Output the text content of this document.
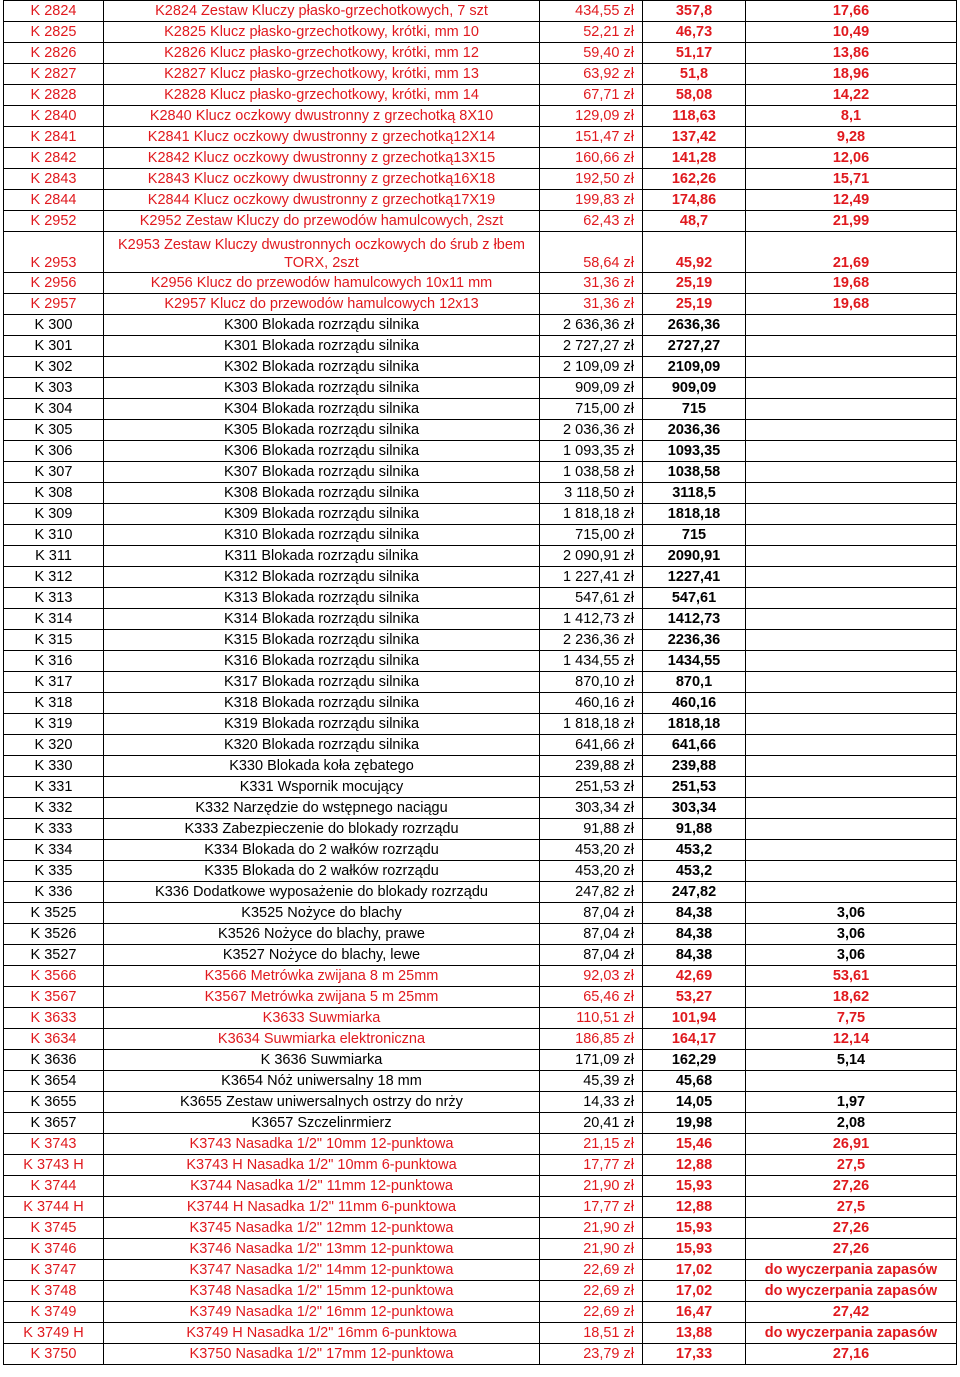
K 2824	K2824 Zestaw Kluczy płasko-grzechotkowych, 7 szt	434,55 zł	357,8	17,66
K 2825	K2825 Klucz płasko-grzechotkowy, krótki, mm 10	52,21 zł	46,73	10,49
K 2826	K2826 Klucz płasko-grzechotkowy, krótki, mm 12	59,40 zł	51,17	13,86
K 2827	K2827 Klucz płasko-grzechotkowy, krótki, mm 13	63,92 zł	51,8	18,96
K 2828	K2828 Klucz płasko-grzechotkowy, krótki, mm 14	67,71 zł	58,08	14,22
K 2840	K2840 Klucz oczkowy dwustronny z grzechotką 8X10	129,09 zł	118,63	8,1
K 2841	K2841 Klucz oczkowy dwustronny z grzechotką12X14	151,47 zł	137,42	9,28
K 2842	K2842 Klucz oczkowy dwustronny z grzechotką13X15	160,66 zł	141,28	12,06
K 2843	K2843 Klucz oczkowy dwustronny z grzechotką16X18	192,50 zł	162,26	15,71
K 2844	K2844 Klucz oczkowy dwustronny z grzechotką17X19	199,83 zł	174,86	12,49
K 2952	K2952 Zestaw Kluczy do przewodów hamulcowych, 2szt	62,43 zł	48,7	21,99
K 2953	K2953 Zestaw Kluczy dwustronnych oczkowych do śrub z łbem TORX, 2szt	58,64 zł	45,92	21,69
K 2956	K2956 Klucz do przewodów hamulcowych 10x11 mm	31,36 zł	25,19	19,68
K 2957	K2957 Klucz do przewodów hamulcowych 12x13	31,36 zł	25,19	19,68
K 300	K300 Blokada rozrządu silnika	2 636,36 zł	2636,36	
K 301	K301 Blokada rozrządu silnika	2 727,27 zł	2727,27	
K 302	K302 Blokada rozrządu silnika	2 109,09 zł	2109,09	
K 303	K303 Blokada rozrządu silnika	909,09 zł	909,09	
K 304	K304 Blokada rozrządu silnika	715,00 zł	715	
K 305	K305 Blokada rozrządu silnika	2 036,36 zł	2036,36	
K 306	K306 Blokada rozrządu silnika	1 093,35 zł	1093,35	
K 307	K307 Blokada rozrządu silnika	1 038,58 zł	1038,58	
K 308	K308 Blokada rozrządu silnika	3 118,50 zł	3118,5	
K 309	K309 Blokada rozrządu silnika	1 818,18 zł	1818,18	
K 310	K310 Blokada rozrządu silnika	715,00 zł	715	
K 311	K311 Blokada rozrządu silnika	2 090,91 zł	2090,91	
K 312	K312 Blokada rozrządu silnika	1 227,41 zł	1227,41	
K 313	K313 Blokada rozrządu silnika	547,61 zł	547,61	
K 314	K314 Blokada rozrządu silnika	1 412,73 zł	1412,73	
K 315	K315 Blokada rozrządu silnika	2 236,36 zł	2236,36	
K 316	K316 Blokada rozrządu silnika	1 434,55 zł	1434,55	
K 317	K317 Blokada rozrządu silnika	870,10 zł	870,1	
K 318	K318 Blokada rozrządu silnika	460,16 zł	460,16	
K 319	K319 Blokada rozrządu silnika	1 818,18 zł	1818,18	
K 320	K320 Blokada rozrządu silnika	641,66 zł	641,66	
K 330	K330 Blokada koła zębatego	239,88 zł	239,88	
K 331	K331 Wspornik mocujący	251,53 zł	251,53	
K 332	K332 Narzędzie do wstępnego naciągu	303,34 zł	303,34	
K 333	K333 Zabezpieczenie do blokady rozrządu	91,88 zł	91,88	
K 334	K334 Blokada do 2 wałków rozrządu	453,20 zł	453,2	
K 335	K335 Blokada do 2 wałków rozrządu	453,20 zł	453,2	
K 336	K336 Dodatkowe wyposażenie do blokady rozrządu	247,82 zł	247,82	
K 3525	K3525 Nożyce do blachy	87,04 zł	84,38	3,06
K 3526	K3526 Nożyce do blachy, prawe	87,04 zł	84,38	3,06
K 3527	K3527 Nożyce do blachy, lewe	87,04 zł	84,38	3,06
K 3566	K3566 Metrówka zwijana 8 m 25mm	92,03 zł	42,69	53,61
K 3567	K3567 Metrówka zwijana 5 m 25mm	65,46 zł	53,27	18,62
K 3633	K3633 Suwmiarka	110,51 zł	101,94	7,75
K 3634	K3634 Suwmiarka elektroniczna	186,85 zł	164,17	12,14
K 3636	K 3636 Suwmiarka	171,09 zł	162,29	5,14
K 3654	K3654 Nóż uniwersalny 18 mm	45,39 zł	45,68	
K 3655	K3655 Zestaw uniwersalnych ostrzy do nrży	14,33 zł	14,05	1,97
K 3657	K3657 Szczelinrmierz	20,41 zł	19,98	2,08
K 3743	K3743 Nasadka 1/2" 10mm 12-punktowa	21,15 zł	15,46	26,91
K 3743 H	K3743 H Nasadka 1/2" 10mm 6-punktowa	17,77 zł	12,88	27,5
K 3744	K3744 Nasadka 1/2" 11mm 12-punktowa	21,90 zł	15,93	27,26
K 3744 H	K3744 H Nasadka 1/2" 11mm 6-punktowa	17,77 zł	12,88	27,5
K 3745	K3745 Nasadka 1/2" 12mm 12-punktowa	21,90 zł	15,93	27,26
K 3746	K3746 Nasadka 1/2" 13mm 12-punktowa	21,90 zł	15,93	27,26
K 3747	K3747 Nasadka 1/2" 14mm 12-punktowa	22,69 zł	17,02	do wyczerpania zapasów
K 3748	K3748 Nasadka 1/2" 15mm 12-punktowa	22,69 zł	17,02	do wyczerpania zapasów
K 3749	K3749 Nasadka 1/2" 16mm 12-punktowa	22,69 zł	16,47	27,42
K 3749 H	K3749 H Nasadka 1/2" 16mm 6-punktowa	18,51 zł	13,88	do wyczerpania zapasów
K 3750	K3750 Nasadka 1/2" 17mm 12-punktowa	23,79 zł	17,33	27,16
